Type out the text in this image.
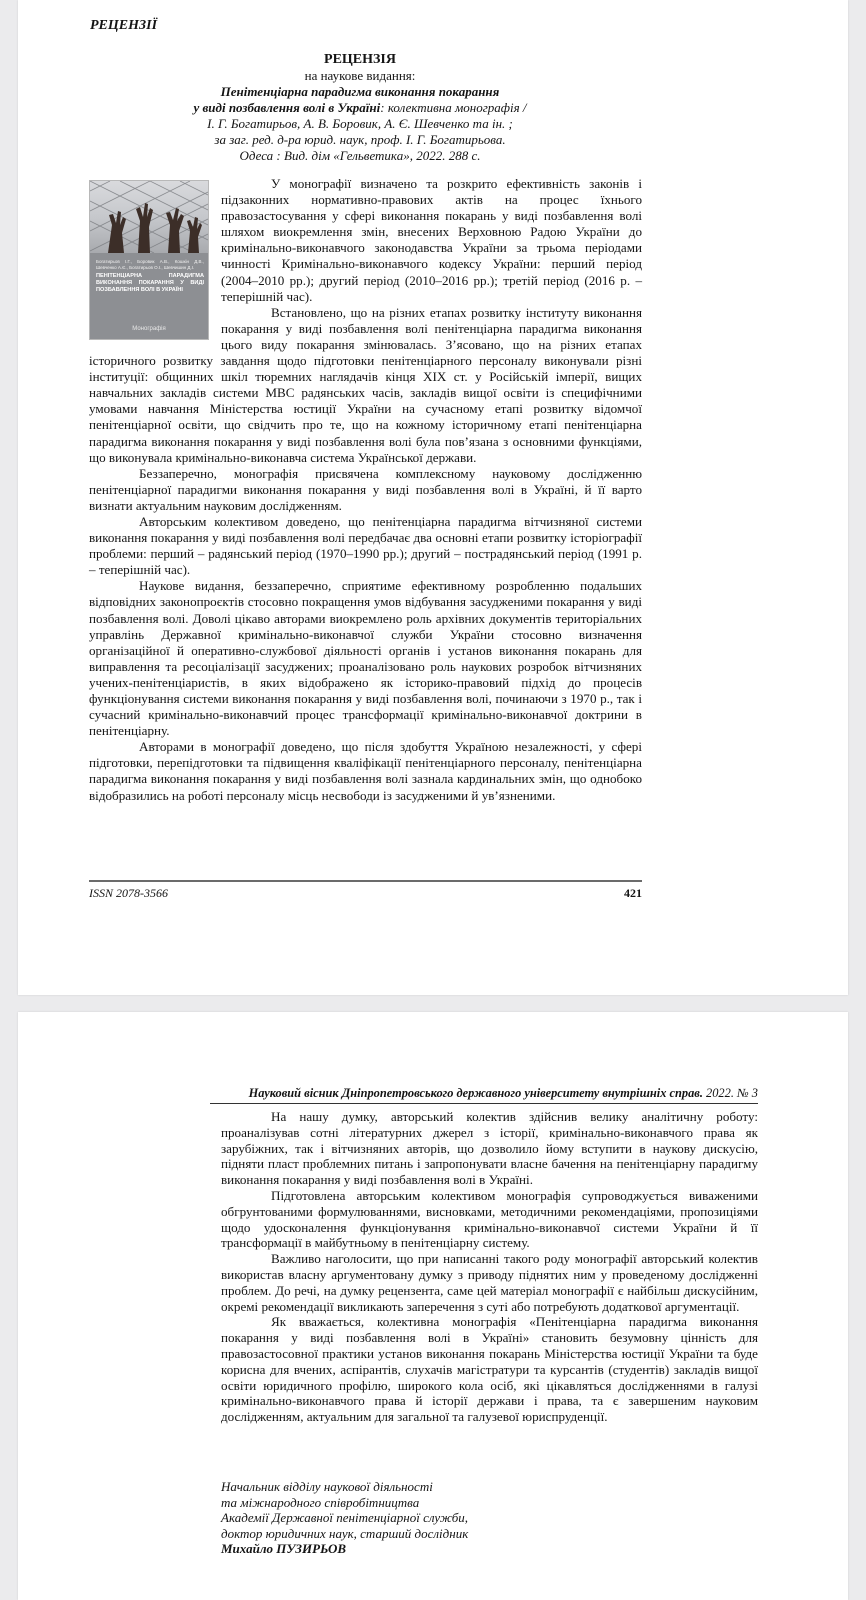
РЕЦЕНЗІЇ
РЕЦЕНЗІЯ
на наукове видання:
Пенітенціарна парадигма виконання покарання
у виді позбавлення волі в Україні: колективна монографія /
І. Г. Богатирьов, А. В. Боровик, А. Є. Шевченко та ін. ;
за заг. ред. д-ра юрид. наук, проф. І. Г. Богатирьова.
Одеса : Вид. дім «Гельветика», 2022. 288 с.
Богатирьов І.Г., Боровик А.В., Кошкін Д.В., Шевченко А.Є., Богатирьов О.І., Шевчишин Д.І.
ПЕНІТЕНЦІАРНА ПАРАДИГМА ВИКОНАННЯ ПОКАРАННЯ У ВИДІ ПОЗБАВЛЕННЯ ВОЛІ В УКРАЇНІ
Монографія

У монографії визначено та розкрито ефективність законів і підзаконних нормативно-правових актів на процес їхнього правозастосування у сфері виконання покарань у виді позбавлення волі шляхом виокремлення змін, внесених Верховною Радою України до кримінально-виконавчого законодавства України за трьома періодами чинності Кримінально-виконавчого кодексу України: перший період (2004–2010 рр.); другий період (2010–2016 рр.); третій період (2016 р. – теперішній час).

Встановлено, що на різних етапах розвитку інституту виконання покарання у виді позбавлення волі пенітенціарна парадигма виконання цього виду покарання змінювалась. З’ясовано, що на різних етапах історичного розвитку завдання щодо підготовки пенітенціарного персоналу виконували різні інституції: общинних шкіл тюремних наглядачів кінця ХІХ ст. у Російській імперії, вищих навчальних закладів системи МВС радянських часів, закладів вищої освіти із специфічними умовами навчання Міністерства юстиції України на сучасному етапі розвитку відомчої пенітенціарної освіти, що свідчить про те, що на кожному історичному етапі пенітенціарна парадигма виконання покарання у виді позбавлення волі була пов’язана з основними функціями, що виконувала кримінально-виконавча система Української держави.

Беззаперечно, монографія присвячена комплексному науковому дослідженню пенітенціарної парадигми виконання покарання у виді позбавлення волі в Україні, й її варто визнати актуальним науковим дослідженням.

Авторським колективом доведено, що пенітенціарна парадигма вітчизняної системи виконання покарання у виді позбавлення волі передбачає два основні етапи розвитку історіографії проблеми: перший – радянський період (1970–1990 рр.); другий – пострадянський період (1991 р. – теперішній час).

Наукове видання, беззаперечно, сприятиме ефективному розробленню подальших відповідних законопроєктів стосовно покращення умов відбування засудженими покарання у виді позбавлення волі. Доволі цікаво авторами виокремлено роль архівних документів територіальних управлінь Державної кримінально-виконавчої служби України стосовно визначення організаційної й оперативно-службової діяльності органів і установ виконання покарань для виправлення та ресоціалізації засуджених; проаналізовано роль наукових розробок вітчизняних учених-пенітенціаристів, в яких відображено як історико-правовий підхід до процесів функціонування системи виконання покарання у виді позбавлення волі, починаючи з 1970 р., так і сучасний кримінально-виконавчий процес трансформації кримінально-виконавчої доктрини в пенітенціарну.

Авторами в монографії доведено, що після здобуття Україною незалежності, у сфері підготовки, перепідготовки та підвищення кваліфікації пенітенціарного персоналу, пенітенціарна парадигма виконання покарання у виді позбавлення волі зазнала кардинальних змін, що однобоко відобразились на роботі персоналу місць несвободи із засудженими й ув’язненими.

ISSN 2078-3566	421
Науковий вісник Дніпропетровського державного університету внутрішніх справ. 2022. № 3

На нашу думку, авторський колектив здійснив велику аналітичну роботу: проаналізував сотні літературних джерел з історії, кримінально-виконавчого права як зарубіжних, так і вітчизняних авторів, що дозволило йому вступити в наукову дискусію, підняти пласт проблемних питань і запропонувати власне бачення на пенітенціарну парадигму виконання покарання у виді позбавлення волі в Україні.

Підготовлена авторським колективом монографія супроводжується виваженими обгрунтованими формулюваннями, висновками, методичними рекомендаціями, пропозиціями щодо удосконалення функціонування кримінально-виконавчої системи України й її трансформації в майбутньому в пенітенціарну систему.

Важливо наголосити, що при написанні такого роду монографії авторський колектив використав власну аргументовану думку з приводу піднятих ним у проведеному дослідженні проблем. До речі, на думку рецензента, саме цей матеріал монографії є найбільш дискусійним, окремі рекомендації викликають заперечення з суті або потребують додаткової аргументації.

Як вважається, колективна монографія «Пенітенціарна парадигма виконання покарання у виді позбавлення волі в Україні» становить безумовну цінність для правозастосовної практики установ виконання покарань Міністерства юстиції України та буде корисна для вчених, аспірантів, слухачів магістратури та курсантів (студентів) закладів вищої освіти юридичного профілю, широкого кола осіб, які цікавляться дослідженнями в галузі кримінально-виконавчого права й історії держави і права, та є завершеним науковим дослідженням, актуальним для загальної та галузевої юриспруденції.

Начальник відділу наукової діяльності
та міжнародного співробітництва
Академії Державної пенітенціарної служби,
доктор юридичних наук, старший дослідник
Михайло ПУЗИРЬОВ
